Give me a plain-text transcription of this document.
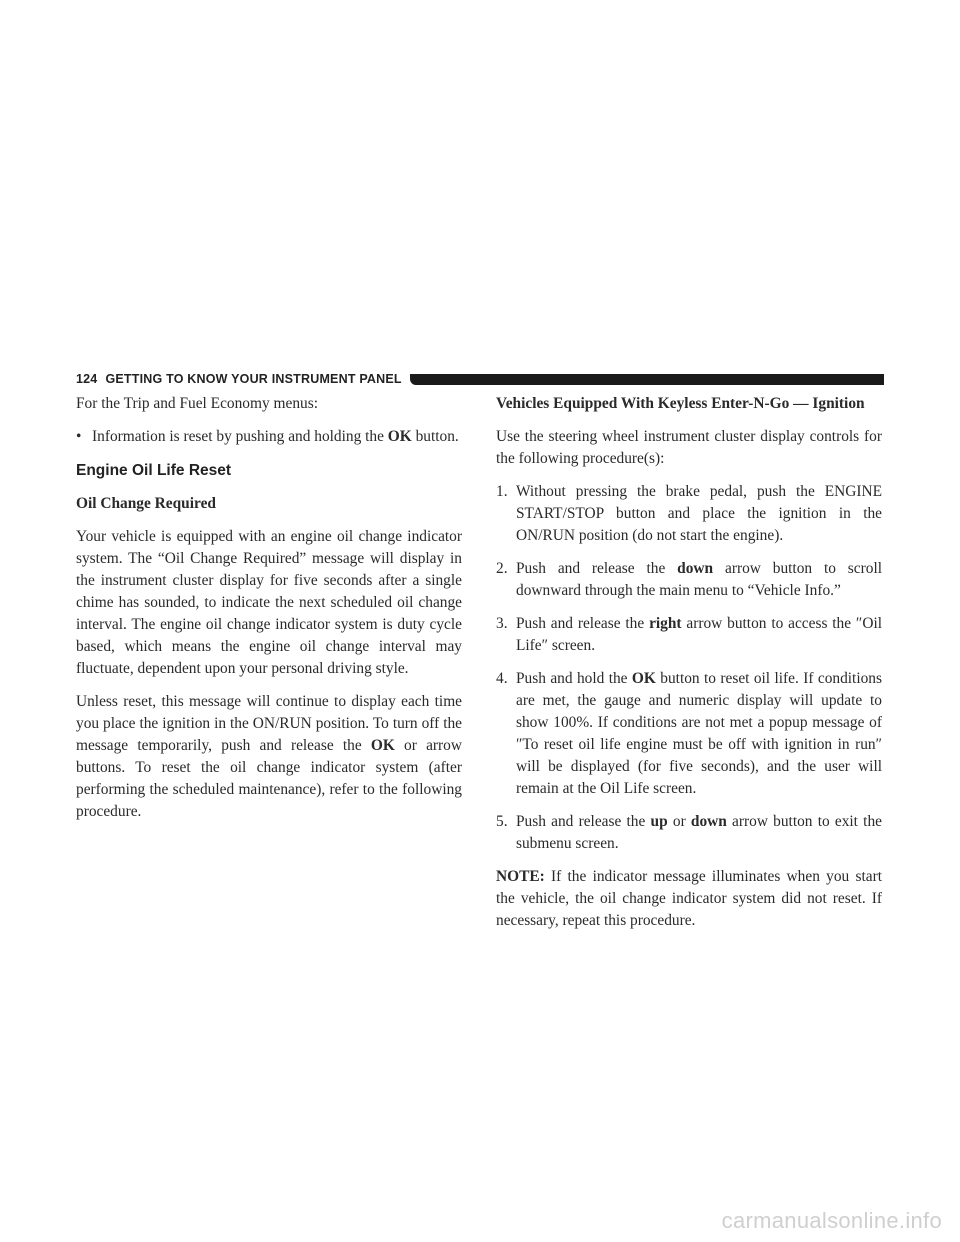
124 GETTING TO KNOW YOUR INSTRUMENT PANEL

For the Trip and Fuel Economy menus:

• Information is reset by pushing and holding the OK button.
Engine Oil Life Reset
Oil Change Required

Your vehicle is equipped with an engine oil change indicator system. The “Oil Change Required” message will display in the instrument cluster display for five seconds after a single chime has sounded, to indicate the next scheduled oil change interval. The engine oil change indicator system is duty cycle based, which means the engine oil change interval may fluctuate, dependent upon your personal driving style.

Unless reset, this message will continue to display each time you place the ignition in the ON/RUN position. To turn off the message temporarily, push and release the OK or arrow buttons. To reset the oil change indicator system (after performing the scheduled maintenance), refer to the following procedure.

Vehicles Equipped With Keyless Enter-N-Go — Ignition

Use the steering wheel instrument cluster display controls for the following procedure(s):

1. Without pressing the brake pedal, push the ENGINE START/STOP button and place the ignition in the ON/RUN position (do not start the engine).
2. Push and release the down arrow button to scroll downward through the main menu to “Vehicle Info.”
3. Push and release the right arrow button to access the ″Oil Life″ screen.
4. Push and hold the OK button to reset oil life. If conditions are met, the gauge and numeric display will update to show 100%. If conditions are not met a popup message of ″To reset oil life engine must be off with ignition in run″ will be displayed (for five seconds), and the user will remain at the Oil Life screen.
5. Push and release the up or down arrow button to exit the submenu screen.

NOTE: If the indicator message illuminates when you start the vehicle, the oil change indicator system did not reset. If necessary, repeat this procedure.

carmanualsonline.info
